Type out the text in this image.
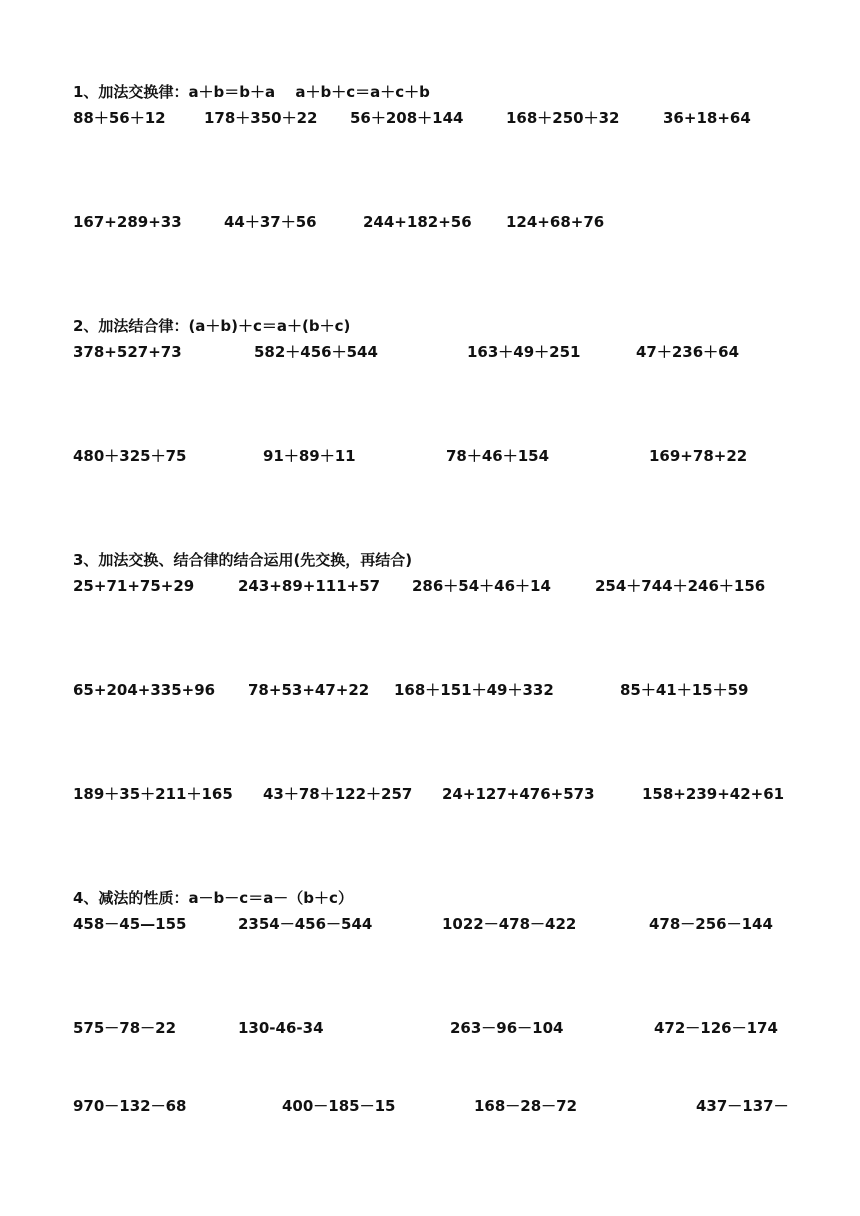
1、加法交换律：a＋b＝b＋a　 a＋b＋c＝a＋c＋b
88＋56＋12	178＋350＋22 56＋208＋144	168＋250＋32	36+18+64
167+289+33	44＋37＋56	244+182+56 124+68+76
2、加法结合律：(a＋b)＋c＝a＋(b＋c)
378+527+73	582＋456＋544	163＋49＋251	47＋236＋64
480＋325＋75	91＋89＋11	78＋46＋154	169+78+22
3、加法交换、结合律的结合运用(先交换，再结合)
25+71+75+29	243+89+111+57 286＋54＋46＋14	254＋744＋246＋156
65+204+335+96 78+53+47+22 168＋151＋49＋332	85＋41＋15＋59
189＋35＋211＋165 43＋78＋122＋257 24+127+476+573	158+239+42+61
4、减法的性质：a－b－c＝a－（b＋c）
458－45—155	2354－456－544	1022－478－422	478－256－144
575－78－22	130-46-34	263－96－104	472－126－174
970－132－68	400－185－15	168－28－72	437－137－
